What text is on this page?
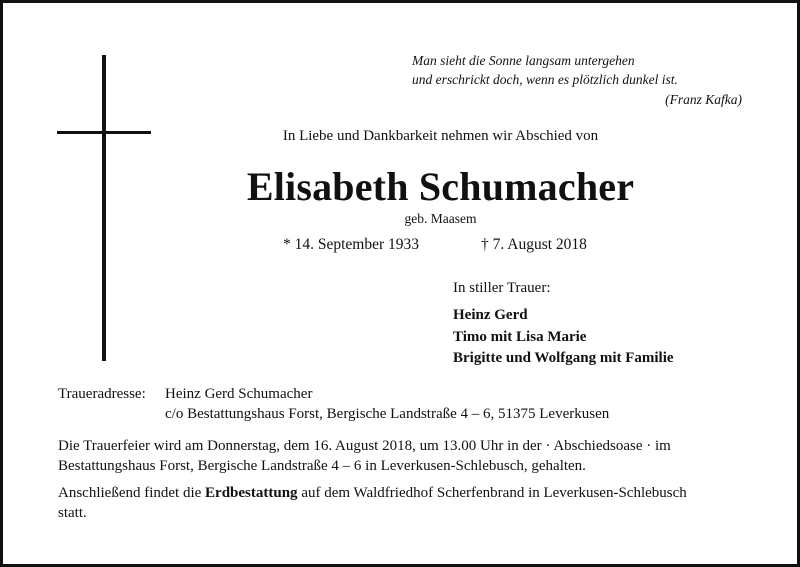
Man sieht die Sonne langsam untergehen
und erschrickt doch, wenn es plötzlich dunkel ist.
(Franz Kafka)
In Liebe und Dankbarkeit nehmen wir Abschied von
Elisabeth Schumacher
geb. Maasem
* 14. September 1933	† 7. August 2018
In stiller Trauer:
Heinz Gerd
Timo mit Lisa Marie
Brigitte und Wolfgang mit Familie
Traueradresse: Heinz Gerd Schumacher
c/o Bestattungshaus Forst, Bergische Landstraße 4 – 6, 51375 Leverkusen
Die Trauerfeier wird am Donnerstag, dem 16. August 2018, um 13.00 Uhr in der · Abschiedsoase · im
Bestattungshaus Forst, Bergische Landstraße 4 – 6 in Leverkusen-Schlebusch, gehalten.
Anschließend findet die Erdbestattung auf dem Waldfriedhof Scherfenbrand in Leverkusen-Schlebusch
statt.
